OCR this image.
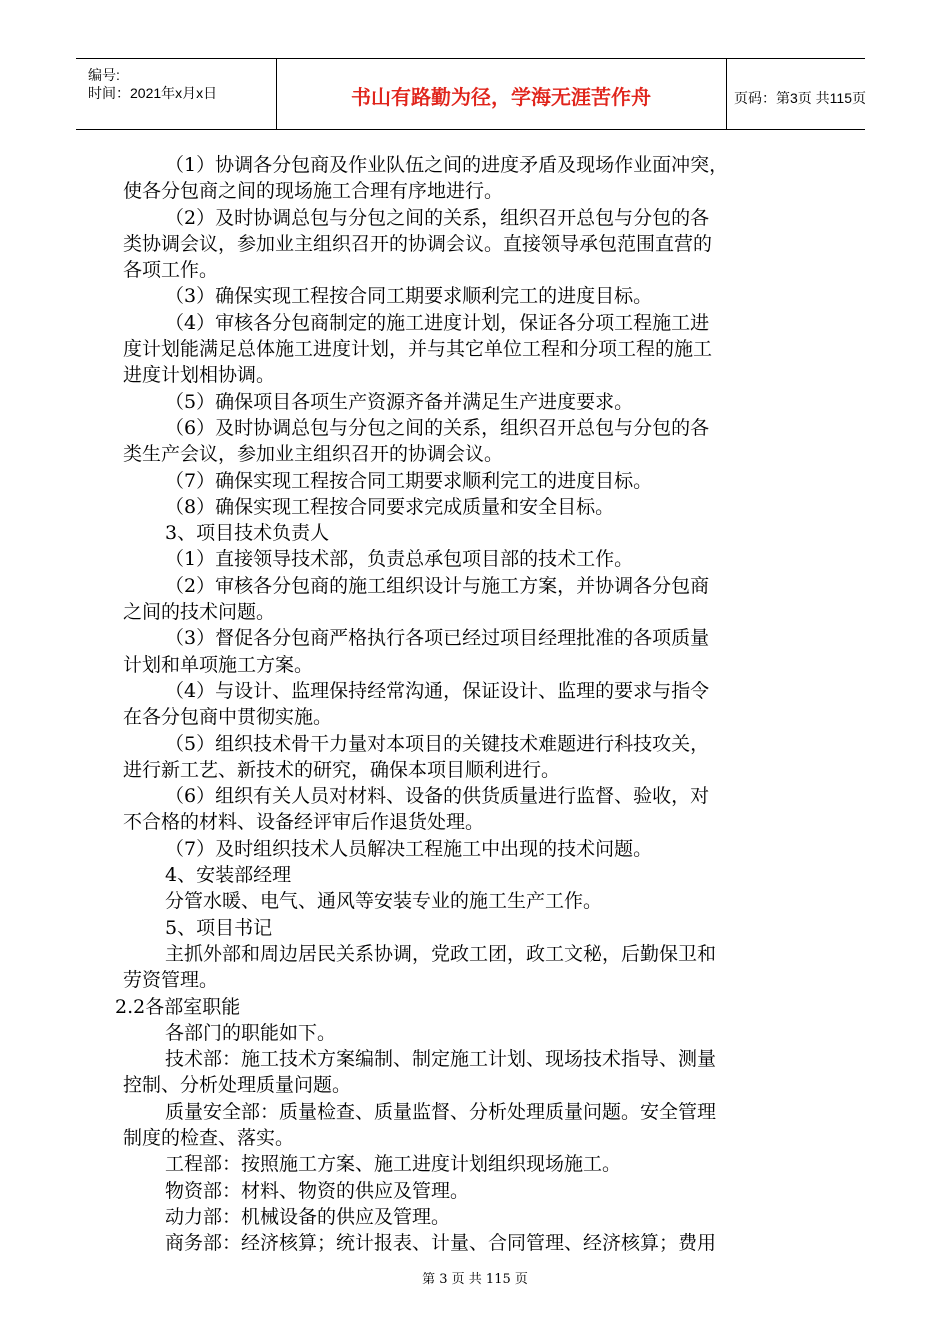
编号:
时间：2021年x月x日	书山有路勤为径，学海无涯苦作舟	页码：第3页 共115页
（1）协调各分包商及作业队伍之间的进度矛盾及现场作业面冲突，
使各分包商之间的现场施工合理有序地进行。
（2）及时协调总包与分包之间的关系，组织召开总包与分包的各
类协调会议，参加业主组织召开的协调会议。直接领导承包范围直营的
各项工作。
（3）确保实现工程按合同工期要求顺利完工的进度目标。
（4）审核各分包商制定的施工进度计划，保证各分项工程施工进
度计划能满足总体施工进度计划，并与其它单位工程和分项工程的施工
进度计划相协调。
（5）确保项目各项生产资源齐备并满足生产进度要求。
（6）及时协调总包与分包之间的关系，组织召开总包与分包的各
类生产会议，参加业主组织召开的协调会议。
（7）确保实现工程按合同工期要求顺利完工的进度目标。
（8）确保实现工程按合同要求完成质量和安全目标。
3、项目技术负责人
（1）直接领导技术部，负责总承包项目部的技术工作。
（2）审核各分包商的施工组织设计与施工方案，并协调各分包商
之间的技术问题。
（3）督促各分包商严格执行各项已经过项目经理批准的各项质量
计划和单项施工方案。
（4）与设计、监理保持经常沟通，保证设计、监理的要求与指令
在各分包商中贯彻实施。
（5）组织技术骨干力量对本项目的关键技术难题进行科技攻关，
进行新工艺、新技术的研究，确保本项目顺利进行。
（6）组织有关人员对材料、设备的供货质量进行监督、验收，对
不合格的材料、设备经评审后作退货处理。
（7）及时组织技术人员解决工程施工中出现的技术问题。
4、安装部经理
分管水暖、电气、通风等安装专业的施工生产工作。
5、项目书记
主抓外部和周边居民关系协调，党政工团，政工文秘，后勤保卫和
劳资管理。
2.2各部室职能
各部门的职能如下。
技术部：施工技术方案编制、制定施工计划、现场技术指导、测量
控制、分析处理质量问题。
质量安全部：质量检查、质量监督、分析处理质量问题。安全管理
制度的检查、落实。
工程部：按照施工方案、施工进度计划组织现场施工。
物资部：材料、物资的供应及管理。
动力部：机械设备的供应及管理。
商务部：经济核算；统计报表、计量、合同管理、经济核算；费用
第 3 页 共 115 页
